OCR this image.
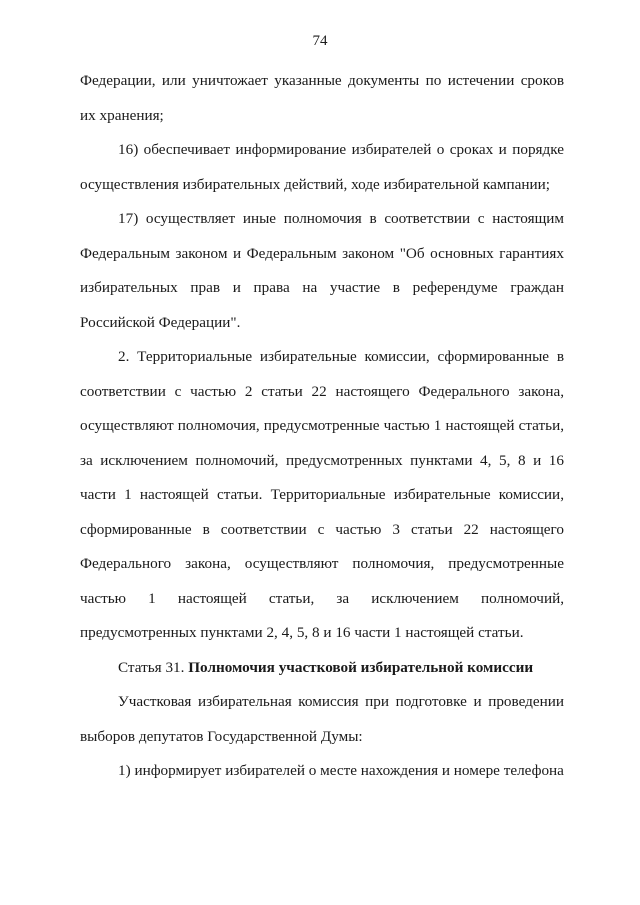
74

Федерации, или уничтожает указанные документы по истечении сроков их хранения;

16) обеспечивает информирование избирателей о сроках и порядке осуществления избирательных действий, ходе избирательной кампании;

17) осуществляет иные полномочия в соответствии с настоящим Федеральным законом и Федеральным законом "Об основных гарантиях избирательных прав и права на участие в референдуме граждан Российской Федерации".

2. Территориальные избирательные комиссии, сформированные в соответствии с частью 2 статьи 22 настоящего Федерального закона, осуществляют полномочия, предусмотренные частью 1 настоящей статьи, за исключением полномочий, предусмотренных пунктами 4, 5, 8 и 16 части 1 настоящей статьи. Территориальные избирательные комиссии, сформированные в соответствии с частью 3 статьи 22 настоящего Федерального закона, осуществляют полномочия, предусмотренные частью 1 настоящей статьи, за исключением полномочий, предусмотренных пунктами 2, 4, 5, 8 и 16 части 1 настоящей статьи.

Статья 31. Полномочия участковой избирательной комиссии

Участковая избирательная комиссия при подготовке и проведении выборов депутатов Государственной Думы:

1) информирует избирателей о месте нахождения и номере телефона
